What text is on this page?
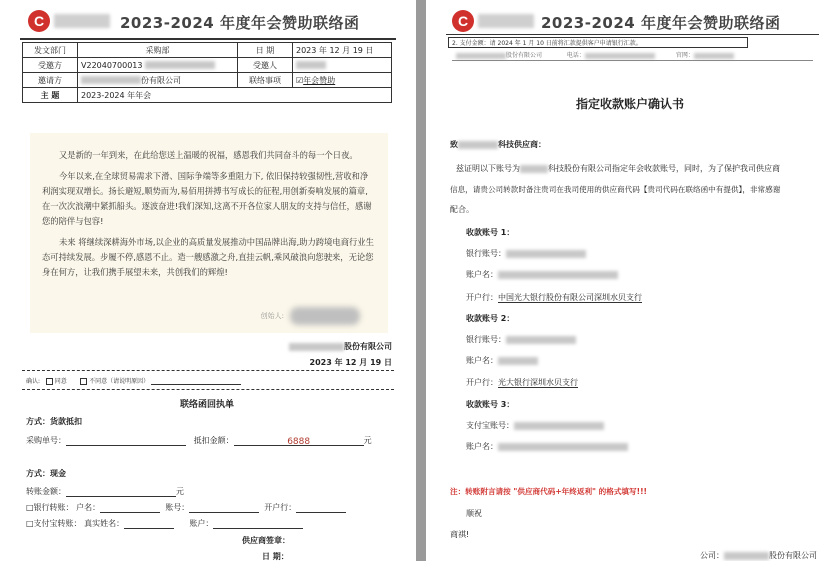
C	2023-2024 年度年会赞助联络函
发文部门	采购部	日 期	2023 年 12 月 19 日
受邀方	V22040700013	受邀人	
邀请方	份有限公司	联络事项	☑年会赞助
主 题	2023-2024 年年会		

又是新的一年到来，在此给您送上温暖的祝福，感恩我们共同奋斗的每一个日夜。

今年以来,在全球贸易需求下滑、国际争端等多重阻力下, 依旧保持较强韧性,营收和净利润实现双增长。扬长避短,顺势而为,易佰用拼搏书写成长的征程,用创新奏响发展的篇章,在一次次浪潮中紧抓船头。逐波奋进!我们深知,这离不开各位家人朋友的支持与信任，感谢您的陪伴与包容!

未来 将继续深耕海外市场,以企业的高质量发展推动中国品牌出海,助力跨境电商行业生态可持续发展。步履不停,感恩不止。造一艘感激之舟,直挂云帆,乘风破浪向您驶来，无论您身在何方，让我们携手展望未来，共创我们的辉煌!

创始人:
股份有限公司
2023 年 12 月 19 日
确认: 同意	不同意（请说明原因）
联络函回执单
方式：货款抵扣
采购单号：	抵扣金额：	6888	元
方式：现金
转账金额：	元
□银行转账： 户名：	账号：	开户行：
□支付宝转账： 真实姓名：	账户：
供应商签章：
日 期：
C	2023-2024 年度年会赞助联络函
2. 支付金额：请 2024 年 1 月 10 日前将汇款提供客户申请银行汇款。
股份有限公司	电话：	官网：
指定收款账户确认书
致	科技供应商：
兹证明以下账号为	科技股份有限公司指定年会收款账号，同时，为了保护我司供应商
信息，请贵公司转款时备注贵司在我司使用的供应商代码【贵司代码在联络函中有提供】，非常感谢
配合。
收款账号 1：
银行账号：
账户名：
开户行：中国光大银行股份有限公司深圳水贝支行
收款账号 2：
银行账号：
账户名：
开户行：光大银行深圳水贝支行
收款账号 3：
支付宝账号：
账户名：
注：转账附言请按 "供应商代码+年终返利" 的格式填写!!!
顺祝
商祺!
公司：	股份有限公司
